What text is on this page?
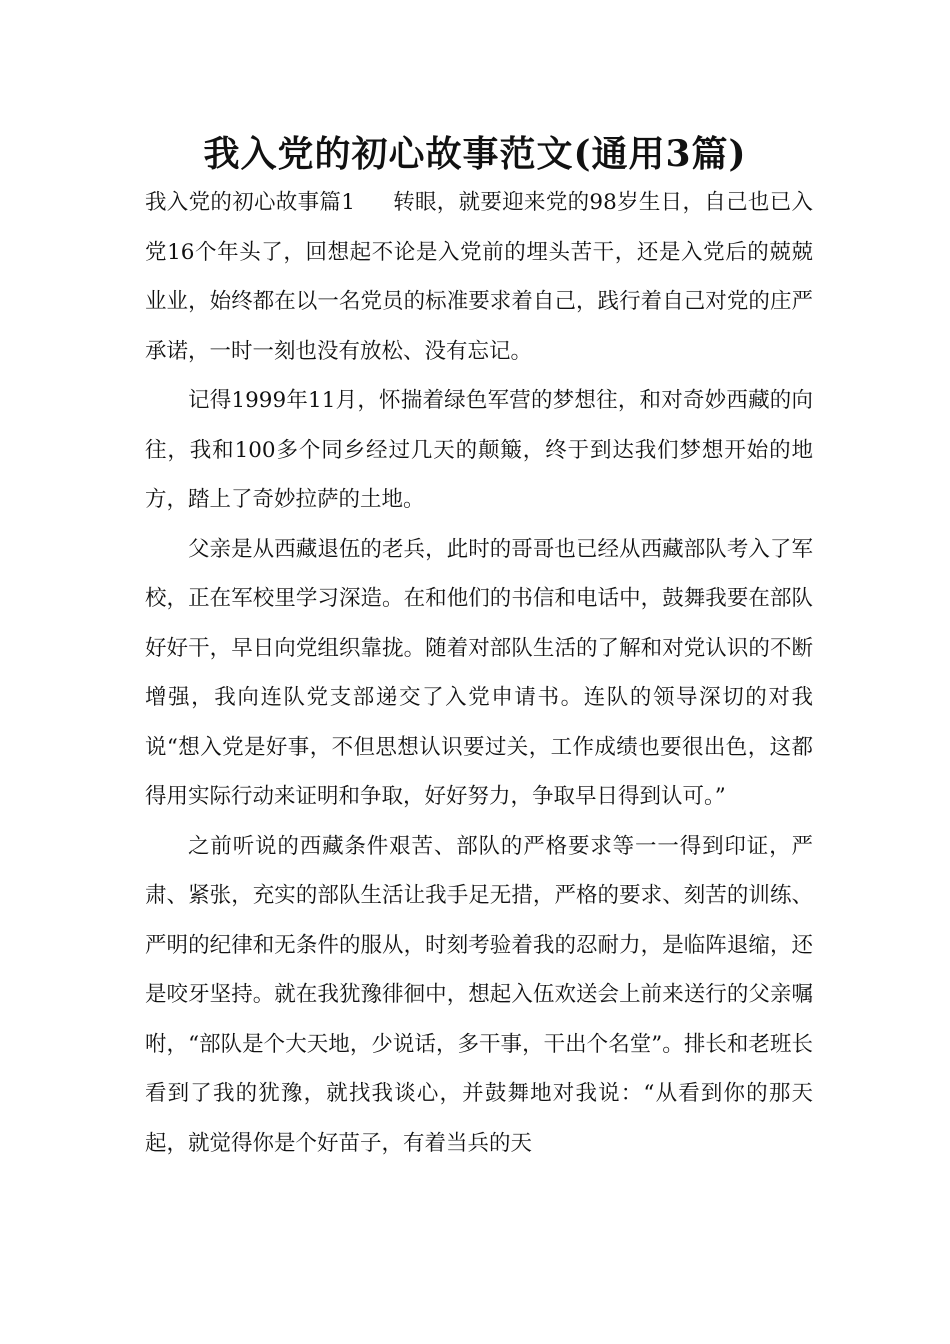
我入党的初心故事范文(通用3篇)

我入党的初心故事篇1 转眼，就要迎来党的98岁生日，自己也已入党16个年头了，回想起不论是入党前的埋头苦干，还是入党后的兢兢业业，始终都在以一名党员的标准要求着自己，践行着自己对党的庄严承诺，一时一刻也没有放松、没有忘记。

记得1999年11月，怀揣着绿色军营的梦想往，和对奇妙西藏的向往，我和100多个同乡经过几天的颠簸，终于到达我们梦想开始的地方，踏上了奇妙拉萨的土地。

父亲是从西藏退伍的老兵，此时的哥哥也已经从西藏部队考入了军校，正在军校里学习深造。在和他们的书信和电话中，鼓舞我要在部队好好干，早日向党组织靠拢。随着对部队生活的了解和对党认识的不断增强，我向连队党支部递交了入党申请书。连队的领导深切的对我说“想入党是好事，不但思想认识要过关，工作成绩也要很出色，这都得用实际行动来证明和争取，好好努力，争取早日得到认可。”

之前听说的西藏条件艰苦、部队的严格要求等一一得到印证，严肃、紧张，充实的部队生活让我手足无措，严格的要求、刻苦的训练、严明的纪律和无条件的服从，时刻考验着我的忍耐力，是临阵退缩，还是咬牙坚持。就在我犹豫徘徊中，想起入伍欢送会上前来送行的父亲嘱咐，“部队是个大天地，少说话，多干事，干出个名堂”。排长和老班长看到了我的犹豫，就找我谈心，并鼓舞地对我说：“从看到你的那天起，就觉得你是个好苗子，有着当兵的天
